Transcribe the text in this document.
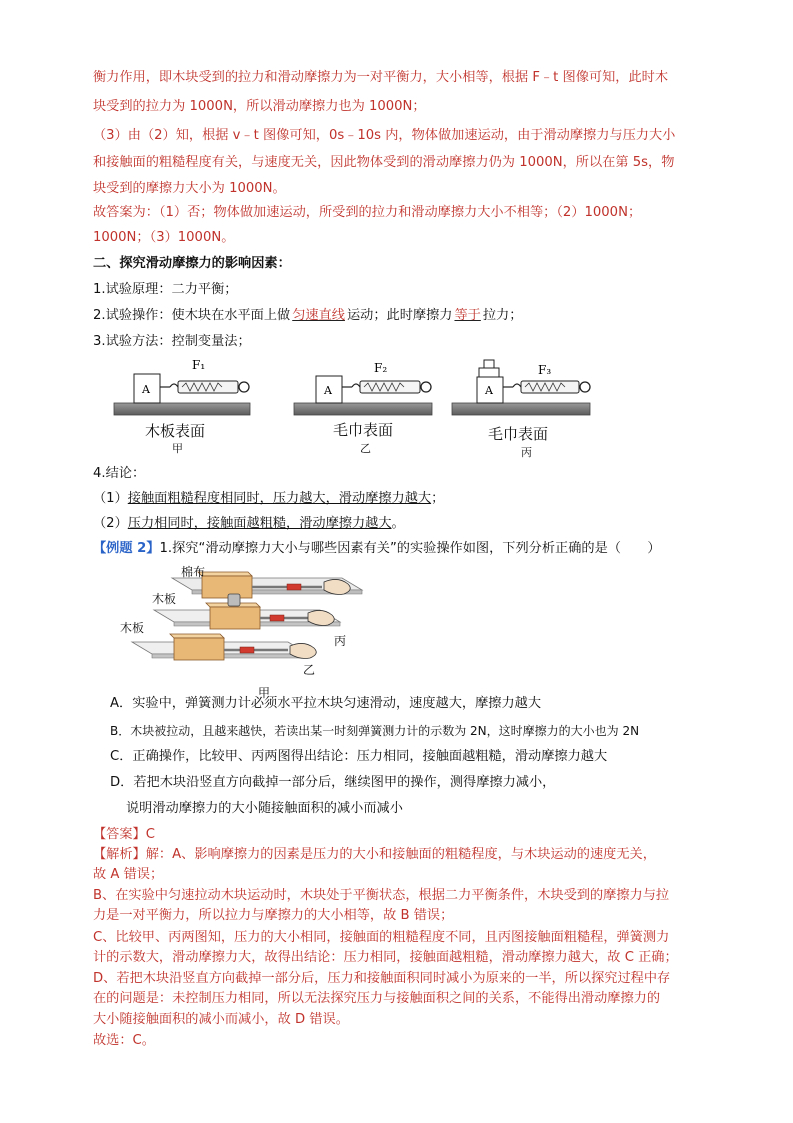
衡力作用，即木块受到的拉力和滑动摩擦力为一对平衡力，大小相等，根据 F﹣t 图像可知，此时木
块受到的拉力为 1000N，所以滑动摩擦力也为 1000N；
（3）由（2）知，根据 v﹣t 图像可知，0s﹣10s 内，物体做加速运动，由于滑动摩擦力与压力大小
和接触面的粗糙程度有关，与速度无关，因此物体受到的滑动摩擦力仍为 1000N，所以在第 5s，物
块受到的摩擦力大小为 1000N。
故答案为：（1）否；物体做加速运动，所受到的拉力和滑动摩擦力大小不相等；（2）1000N；
1000N；（3）1000N。
二、探究滑动摩擦力的影响因素：
1.试验原理：二力平衡；
2.试验操作：使木块在水平面上做 匀速直线 运动；此时摩擦力 等于 拉力；
3.试验方法：控制变量法；
A
F₁
A
F₂
A
F₃
木板表面
甲
毛巾表面
乙
毛巾表面
丙
4.结论：
（1）接触面粗糙程度相同时，压力越大，滑动摩擦力越大；
（2）压力相同时，接触面越粗糙，滑动摩擦力越大。
【例题 2】1.探究“滑动摩擦力大小与哪些因素有关”的实验操作如图，下列分析正确的是（　　）
棉布
木板
木板
丙
乙
甲
A．实验中，弹簧测力计必须水平拉木块匀速滑动，速度越大，摩擦力越大
B．木块被拉动，且越来越快，若读出某一时刻弹簧测力计的示数为 2N，这时摩擦力的大小也为 2N
C．正确操作，比较甲、丙两图得出结论：压力相同，接触面越粗糙，滑动摩擦力越大
D．若把木块沿竖直方向截掉一部分后，继续图甲的操作，测得摩擦力减小，
说明滑动摩擦力的大小随接触面积的减小而减小
【答案】C
【解析】解：A、影响摩擦力的因素是压力的大小和接触面的粗糙程度，与木块运动的速度无关，
故 A 错误；
B、在实验中匀速拉动木块运动时，木块处于平衡状态，根据二力平衡条件，木块受到的摩擦力与拉
力是一对平衡力，所以拉力与摩擦力的大小相等，故 B 错误；
C、比较甲、丙两图知，压力的大小相同，接触面的粗糙程度不同，且丙图接触面粗糙程，弹簧测力
计的示数大，滑动摩擦力大，故得出结论：压力相同，接触面越粗糙，滑动摩擦力越大，故 C 正确；
D、若把木块沿竖直方向截掉一部分后，压力和接触面积同时减小为原来的一半，所以探究过程中存
在的问题是：未控制压力相同，所以无法探究压力与接触面积之间的关系，不能得出滑动摩擦力的
大小随接触面积的减小而减小，故 D 错误。
故选：C。
